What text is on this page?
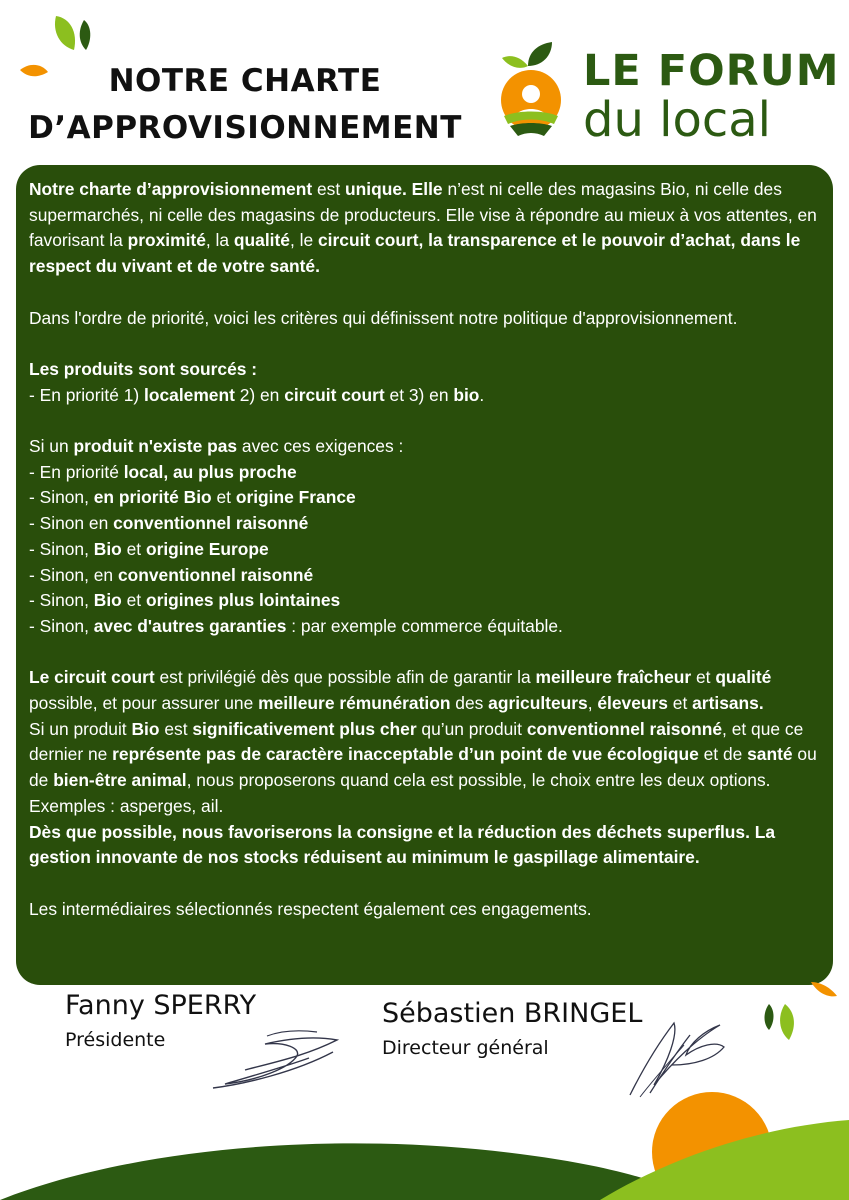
NOTRE CHARTE
D’APPROVISIONNEMENT
LE FORUM
du local

Notre charte d’approvisionnement est unique. Elle n’est ni celle des magasins Bio, ni celle des supermarchés, ni celle des magasins de producteurs. Elle vise à répondre au mieux à vos attentes, en favorisant la proximité, la qualité, le circuit court, la transparence et le pouvoir d’achat, dans le respect du vivant et de votre santé.

Dans l'ordre de priorité, voici les critères qui définissent notre politique d'approvisionnement.

Les produits sont sourcés :

- En priorité 1) localement 2) en circuit court et 3) en bio.

Si un produit n'existe pas avec ces exigences :

- En priorité local, au plus proche

- Sinon, en priorité Bio et origine France

- Sinon en conventionnel raisonné

- Sinon, Bio et origine Europe

- Sinon, en conventionnel raisonné

- Sinon, Bio et origines plus lointaines

- Sinon, avec d'autres garanties : par exemple commerce équitable.

Le circuit court est privilégié dès que possible afin de garantir la meilleure fraîcheur et qualité possible, et pour assurer une meilleure rémunération des agriculteurs, éleveurs et artisans.

Si un produit Bio est significativement plus cher qu’un produit conventionnel raisonné, et que ce dernier ne représente pas de caractère inacceptable d’un point de vue écologique et de santé ou de bien-être animal, nous proposerons quand cela est possible, le choix entre les deux options. Exemples : asperges, ail.

Dès que possible, nous favoriserons la consigne et la réduction des déchets superflus. La gestion innovante de nos stocks réduisent au minimum le gaspillage alimentaire.

Les intermédiaires sélectionnés respectent également ces engagements.

Fanny SPERRY
Présidente
Sébastien BRINGEL
Directeur général
